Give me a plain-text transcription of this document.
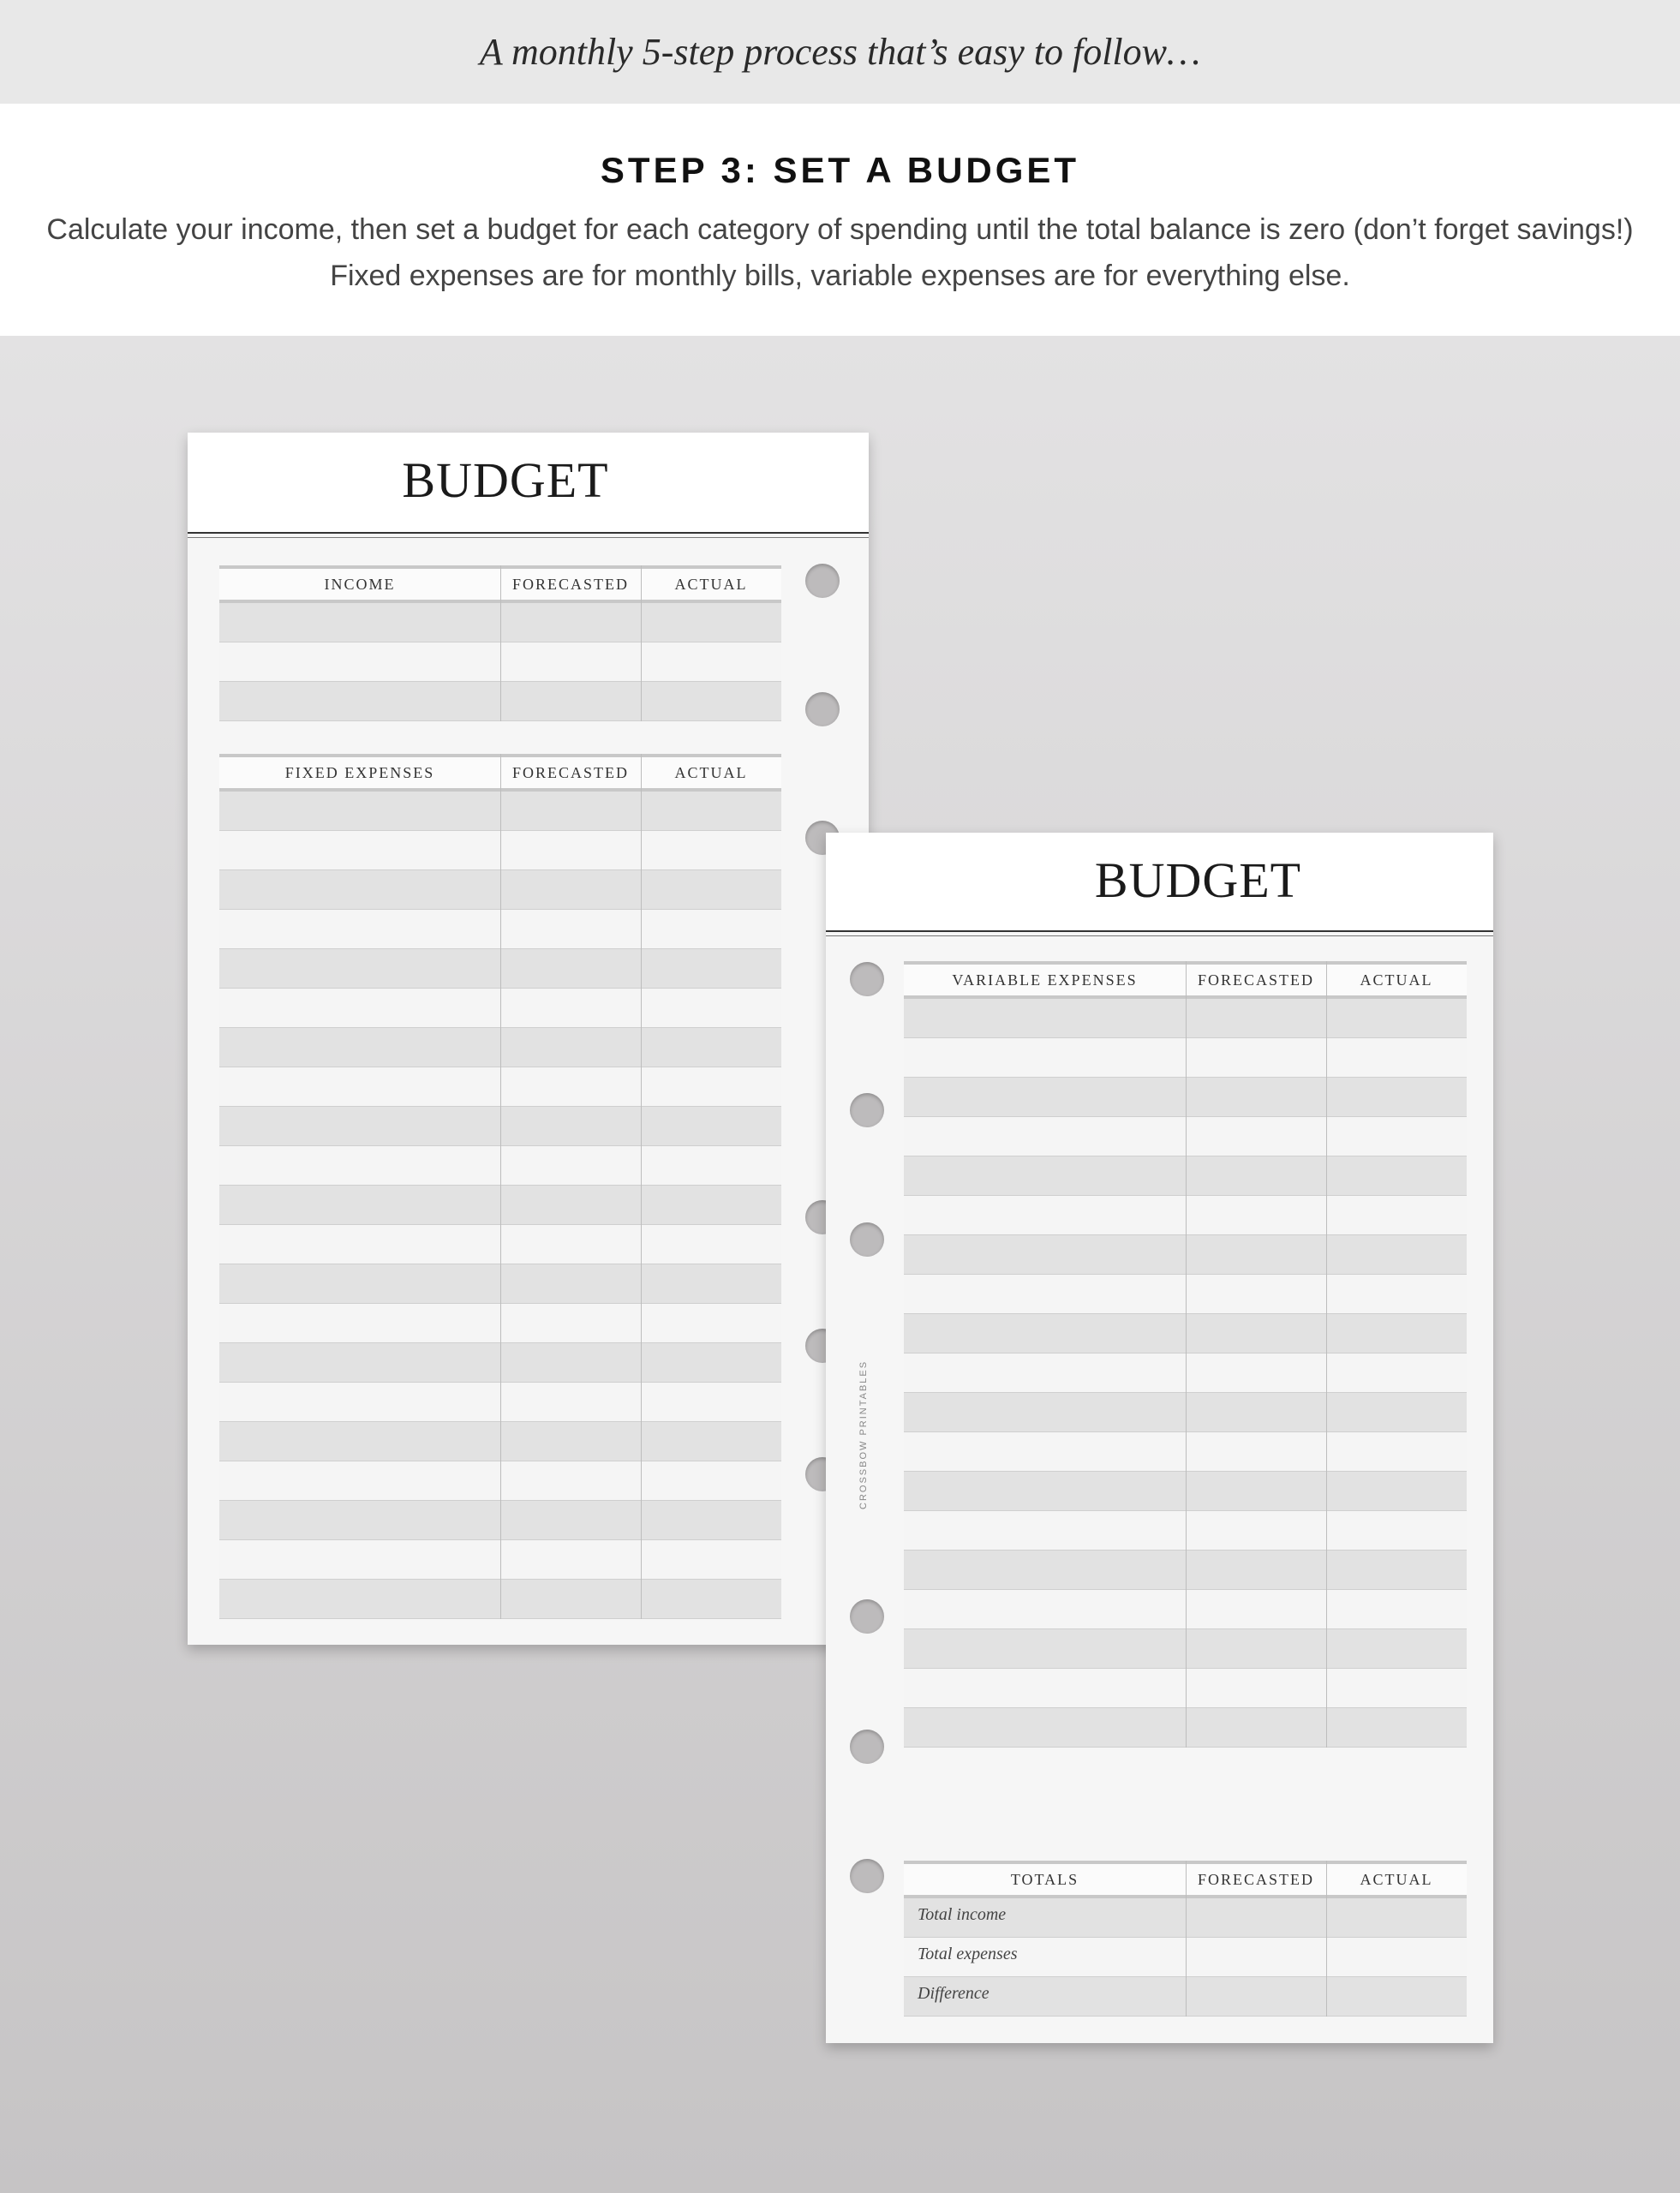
A monthly 5-step process that’s easy to follow…
STEP 3: SET A BUDGET
Calculate your income, then set a budget for each category of spending until the total balance is zero (don’t forget savings!) Fixed expenses are for monthly bills, variable expenses are for everything else.
BUDGET
INCOME	FORECASTED	ACTUAL
FIXED EXPENSES	FORECASTED	ACTUAL
BUDGET
CROSSBOW PRINTABLES
VARIABLE EXPENSES	FORECASTED	ACTUAL
TOTALS	FORECASTED	ACTUAL
Total income
Total expenses
Difference
